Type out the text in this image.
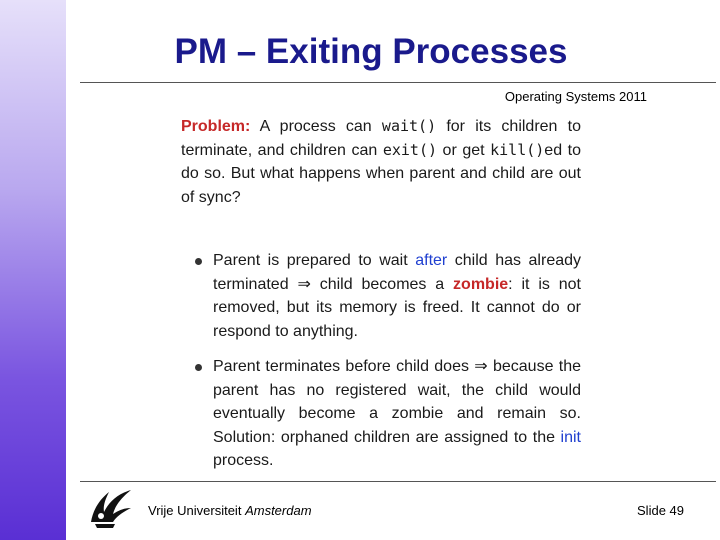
PM – Exiting Processes
Operating Systems 2011

Problem: A process can wait() for its children to terminate, and children can exit() or get kill()ed to do so. But what happens when parent and child are out of sync?

Parent is prepared to wait after child has already terminated ⇒ child becomes a zombie: it is not removed, but its memory is freed. It cannot do or respond to anything.
Parent terminates before child does ⇒ because the parent has no registered wait, the child would eventually become a zombie and remain so. Solution: orphaned children are assigned to the init process.
Vrije Universiteit Amsterdam	Slide 49
